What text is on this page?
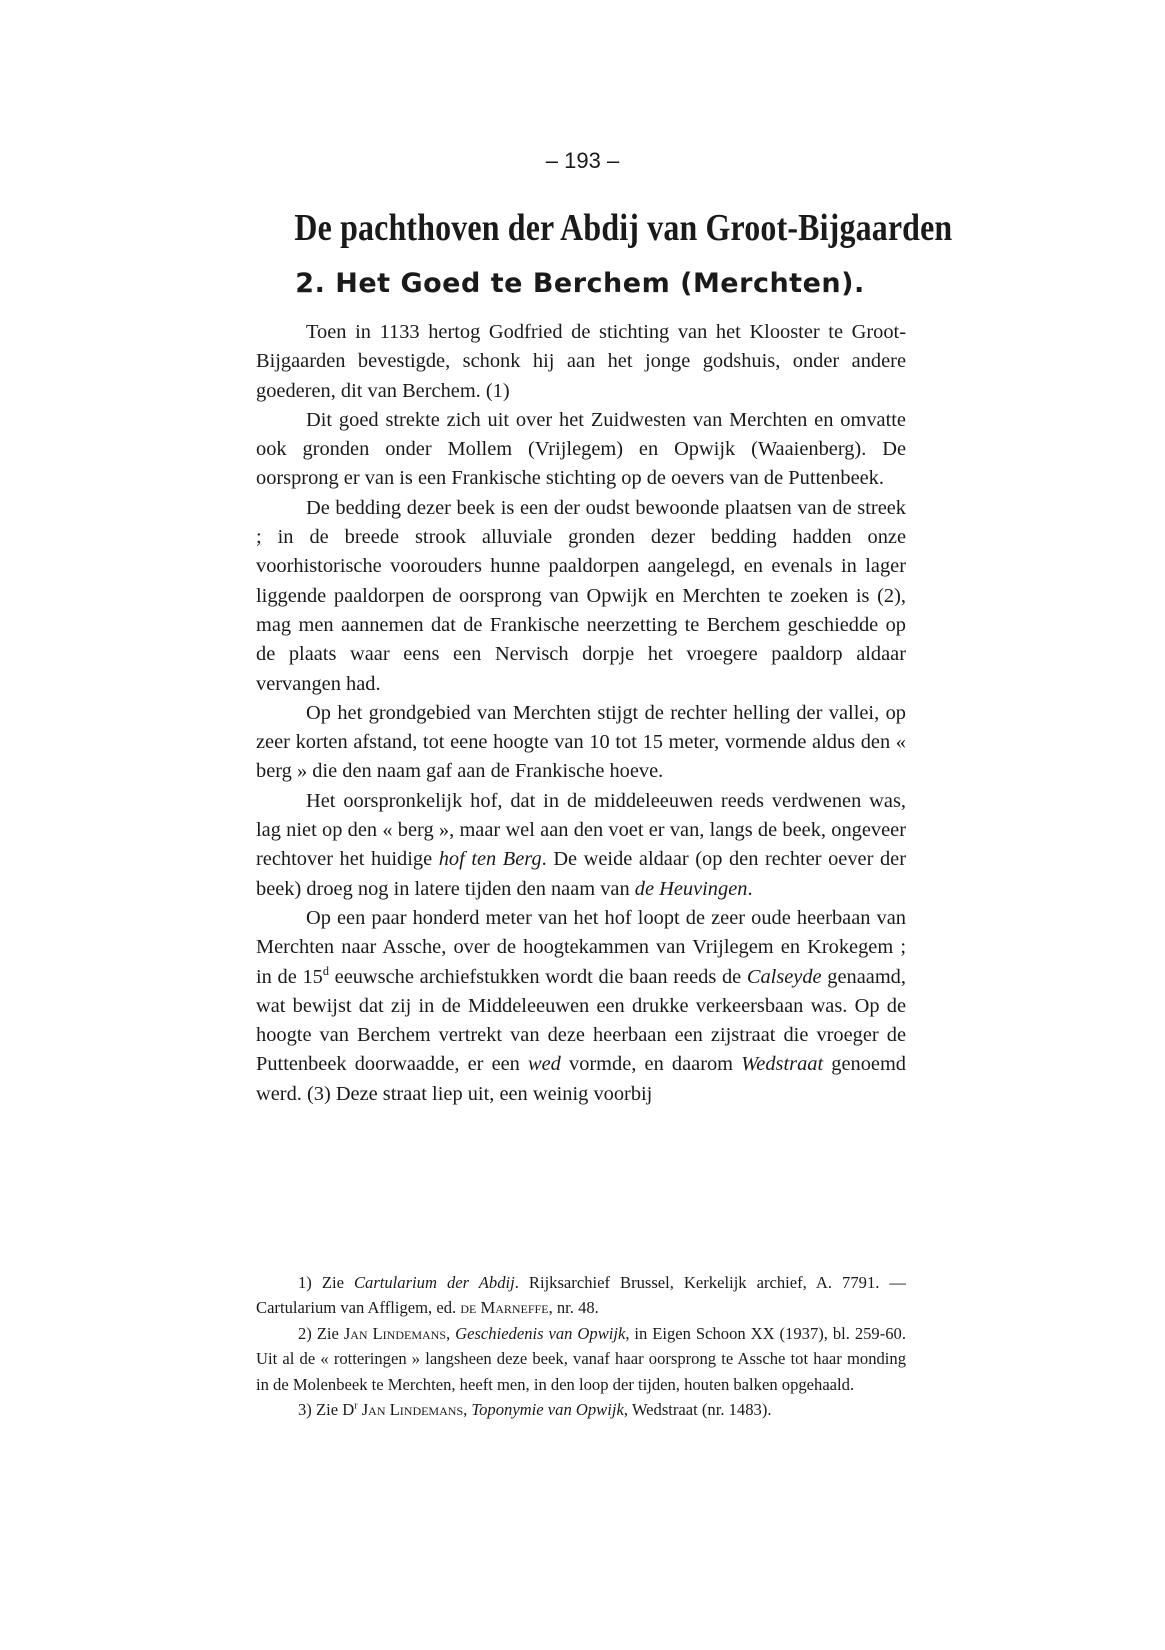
– 193 –
De pachthoven der Abdij van Groot-Bijgaarden
2. Het Goed te Berchem (Merchten).

Toen in 1133 hertog Godfried de stichting van het Klooster te Groot-Bijgaarden bevestigde, schonk hij aan het jonge godshuis, onder andere goederen, dit van Berchem. (1)

Dit goed strekte zich uit over het Zuidwesten van Merchten en omvatte ook gronden onder Mollem (Vrijlegem) en Opwijk (Waaienberg). De oorsprong er van is een Frankische stichting op de oevers van de Puttenbeek.

De bedding dezer beek is een der oudst bewoonde plaatsen van de streek ; in de breede strook alluviale gronden dezer bedding hadden onze voorhistorische voorouders hunne paaldorpen aangelegd, en evenals in lager liggende paaldorpen de oorsprong van Opwijk en Merchten te zoeken is (2), mag men aannemen dat de Frankische neerzetting te Berchem geschiedde op de plaats waar eens een Nervisch dorpje het vroegere paaldorp aldaar vervangen had.

Op het grondgebied van Merchten stijgt de rechter helling der vallei, op zeer korten afstand, tot eene hoogte van 10 tot 15 meter, vormende aldus den « berg » die den naam gaf aan de Frankische hoeve.

Het oorspronkelijk hof, dat in de middeleeuwen reeds verdwenen was, lag niet op den « berg », maar wel aan den voet er van, langs de beek, ongeveer rechtover het huidige hof ten Berg. De weide aldaar (op den rechter oever der beek) droeg nog in latere tijden den naam van de Heuvingen.

Op een paar honderd meter van het hof loopt de zeer oude heerbaan van Merchten naar Assche, over de hoogtekammen van Vrijlegem en Krokegem ; in de 15$^d$ eeuwsche archiefstukken wordt die baan reeds de Calseyde genaamd, wat bewijst dat zij in de Middeleeuwen een drukke verkeersbaan was. Op de hoogte van Berchem vertrekt van deze heerbaan een zijstraat die vroeger de Puttenbeek doorwaadde, er een wed vormde, en daarom Wedstraat genoemd werd. (3) Deze straat liep uit, een weinig voorbij

1) Zie Cartularium der Abdij. Rijksarchief Brussel, Kerkelijk archief, A. 7791. — Cartularium van Affligem, ed. de Marneffe, nr. 48.

2) Zie Jan Lindemans, Geschiedenis van Opwijk, in Eigen Schoon XX (1937), bl. 259-60. Uit al de « rotteringen » langsheen deze beek, vanaf haar oorsprong te Assche tot haar monding in de Molenbeek te Merchten, heeft men, in den loop der tijden, houten balken opgehaald.

3) Zie $D^r$ Jan Lindemans, Toponymie van Opwijk, Wedstraat (nr. 1483).
